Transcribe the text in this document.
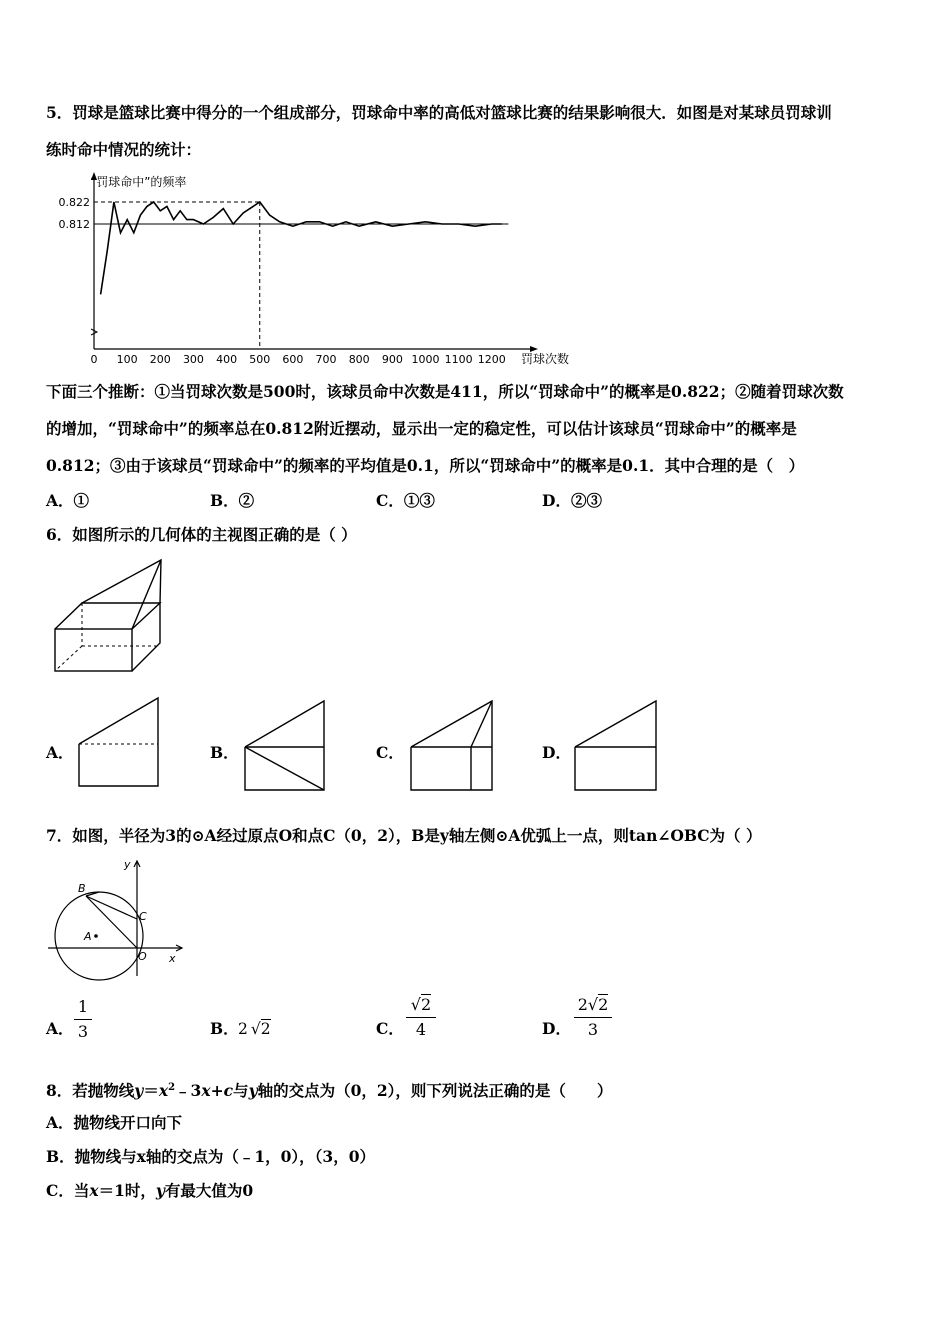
5．罚球是篮球比赛中得分的一个组成部分，罚球命中率的高低对篮球比赛的结果影响很大．如图是对某球员罚球训
练时命中情况的统计：
0 100 200 300 400 500 600 700 800 900 1000 1100 1200
0.812
0.822
“罚球命中”的频率
罚球次数
下面三个推断：①当罚球次数是500时，该球员命中次数是411，所以“罚球命中”的概率是0.822；②随着罚球次数
的增加，“罚球命中”的频率总在0.812附近摆动，显示出一定的稳定性，可以估计该球员“罚球命中”的概率是
0.812；③由于该球员“罚球命中”的频率的平均值是0.1，所以“罚球命中”的概率是0.1．其中合理的是（　）
A．①	B．②	C．①③	D．②③
6．如图所示的几何体的主视图正确的是（ ）
A．	B．	C．	D．
7．如图，半径为3的⊙A经过原点O和点C（0，2），B是y轴左侧⊙A优弧上一点，则tan∠OBC为（ ）
B
C
A
O x
y
A．
1
3	B． 2 √2	C．
√2
4	D．
2√2
3
8．若抛物线$y=x^2﹣3x+c$与y轴的交点为（0，2），则下列说法正确的是（　　）
A．抛物线开口向下
B．抛物线与x轴的交点为（﹣1，0），（3，0）
C．当x＝1时，y有最大值为0
